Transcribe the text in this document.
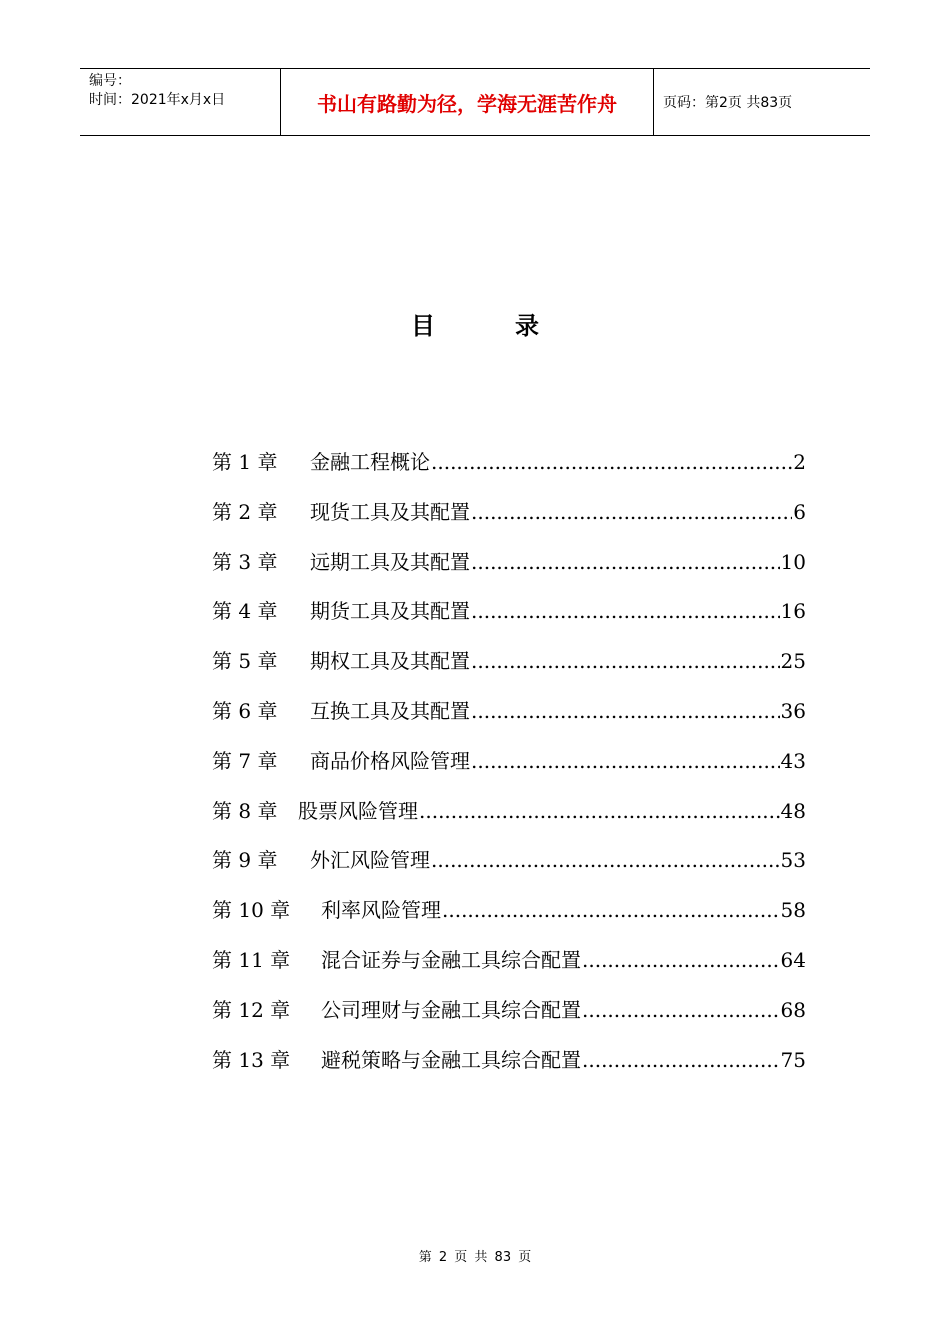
编号：
时间：2021年x月x日	书山有路勤为径，学海无涯苦作舟	页码：第2页 共83页
目	录
第 1 章	金融工程概论 .....	2
第 2 章	现货工具及其配置 .....	6
第 3 章	远期工具及其配置 .....	10
第 4 章	期货工具及其配置 .....	16
第 5 章	期权工具及其配置 .....	25
第 6 章	互换工具及其配置 .....	36
第 7 章	商品价格风险管理 .....	43
第 8 章	股票风险管理 .....	48
第 9 章	外汇风险管理 .....	53
第 10 章	利率风险管理 .....	58
第 11 章	混合证券与金融工具综合配置 .....	64
第 12 章	公司理财与金融工具综合配置 .....	68
第 13 章	避税策略与金融工具综合配置 .....	75
第 2 页 共 83 页
